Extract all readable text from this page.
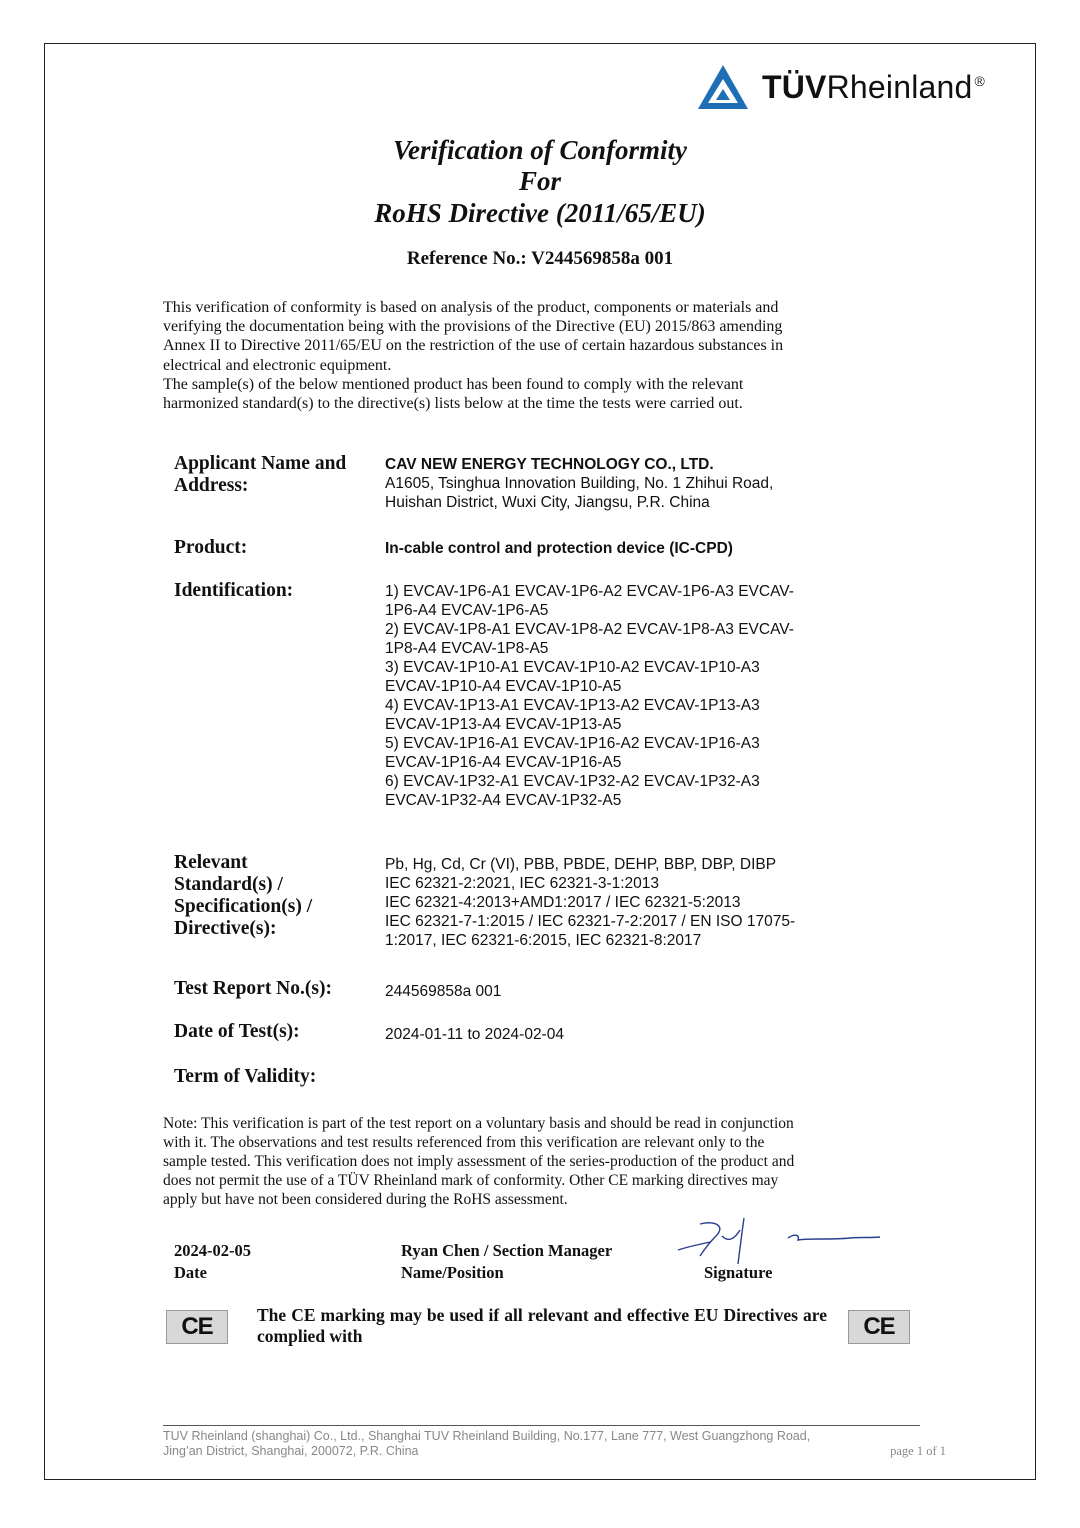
TÜVRheinland ®
Verification of Conformity
For
RoHS Directive (2011/65/EU)
Reference No.: V244569858a 001

This verification of conformity is based on analysis of the product, components or materials and

verifying the documentation being with the provisions of the Directive (EU) 2015/863 amending

Annex II to Directive 2011/65/EU on the restriction of the use of certain hazardous substances in

electrical and electronic equipment.

The sample(s) of the below mentioned product has been found to comply with the relevant

harmonized standard(s) to the directive(s) lists below at the time the tests were carried out.

Applicant Name and
Address:
CAV NEW ENERGY TECHNOLOGY CO., LTD.
A1605, Tsinghua Innovation Building, No. 1 Zhihui Road,
Huishan District, Wuxi City, Jiangsu, P.R. China
Product:	In-cable control and protection device (IC-CPD)
Identification:	1) EVCAV-1P6-A1 EVCAV-1P6-A2 EVCAV-1P6-A3 EVCAV-
1P6-A4 EVCAV-1P6-A5
2) EVCAV-1P8-A1 EVCAV-1P8-A2 EVCAV-1P8-A3 EVCAV-
1P8-A4 EVCAV-1P8-A5
3) EVCAV-1P10-A1 EVCAV-1P10-A2 EVCAV-1P10-A3
EVCAV-1P10-A4 EVCAV-1P10-A5
4) EVCAV-1P13-A1 EVCAV-1P13-A2 EVCAV-1P13-A3
EVCAV-1P13-A4 EVCAV-1P13-A5
5) EVCAV-1P16-A1 EVCAV-1P16-A2 EVCAV-1P16-A3
EVCAV-1P16-A4 EVCAV-1P16-A5
6) EVCAV-1P32-A1 EVCAV-1P32-A2 EVCAV-1P32-A3
EVCAV-1P32-A4 EVCAV-1P32-A5
Relevant
Standard(s) /
Specification(s) /
Directive(s):
Pb, Hg, Cd, Cr (VI), PBB, PBDE, DEHP, BBP, DBP, DIBP
IEC 62321-2:2021, IEC 62321-3-1:2013
IEC 62321-4:2013+AMD1:2017 / IEC 62321-5:2013
IEC 62321-7-1:2015 / IEC 62321-7-2:2017 / EN ISO 17075-
1:2017, IEC 62321-6:2015, IEC 62321-8:2017
Test Report No.(s):	244569858a 001
Date of Test(s):	2024-01-11 to 2024-02-04
Term of Validity:
Note: This verification is part of the test report on a voluntary basis and should be read in conjunction
with it. The observations and test results referenced from this verification are relevant only to the
sample tested. This verification does not imply assessment of the series-production of the product and
does not permit the use of a TÜV Rheinland mark of conformity. Other CE marking directives may
apply but have not been considered during the RoHS assessment.
2024-02-05
Date
Ryan Chen / Section Manager
Name/Position	Signature
CE	The CE marking may be used if all relevant and effective EU Directives are complied with	CE
TUV Rheinland (shanghai) Co., Ltd., Shanghai TUV Rheinland Building, No.177, Lane 777, West Guangzhong Road,
Jing’an District, Shanghai, 200072, P.R. China	page 1 of 1
